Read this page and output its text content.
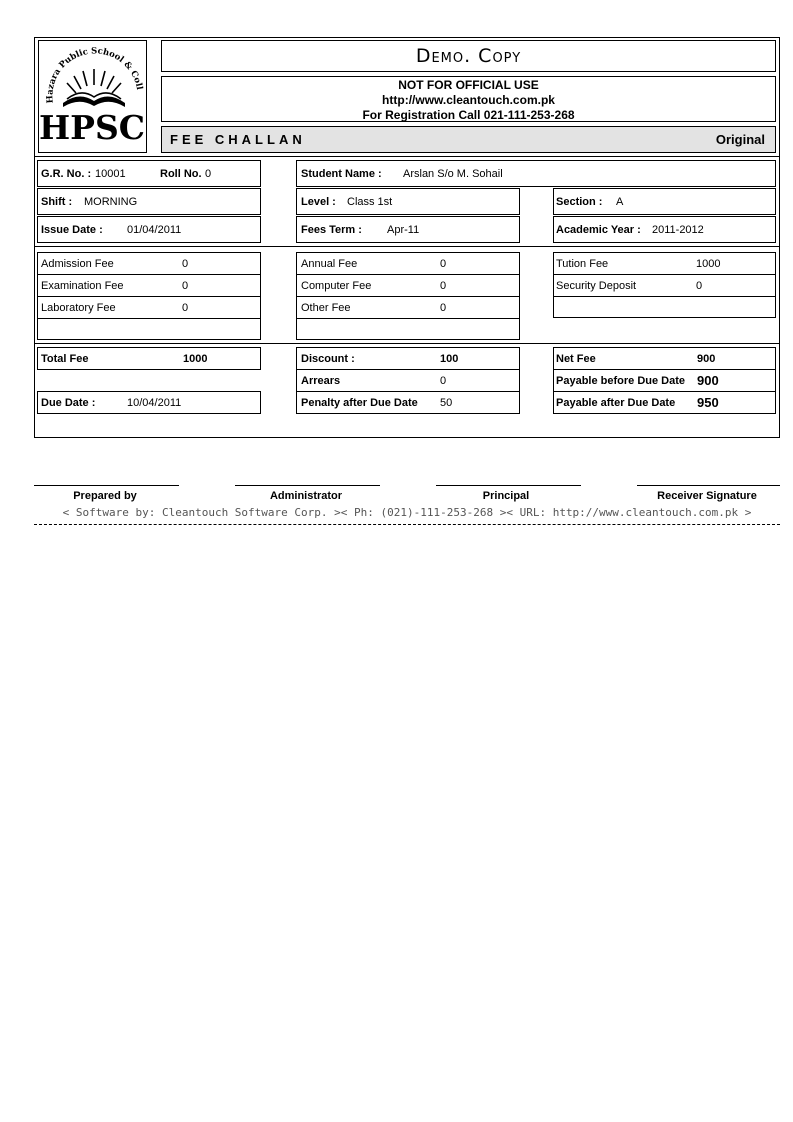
Hazara Public School & Coll
HPSC
Demo. Copy
NOT FOR OFFICIAL USE
http://www.cleantouch.com.pk
For Registration Call 021-111-253-268
FEE CHALLAN	Original
G.R. No. : 10001	Roll No. 0	Student Name : Arslan S/o M. Sohail
Shift : MORNING	Level : Class 1st	Section : A
Issue Date : 01/04/2011	Fees Term : Apr-11	Academic Year : 2011-2012
Admission Fee	0
Examination Fee	0
Laboratory Fee	0
Annual Fee	0
Computer Fee	0
Other Fee	0
Tution Fee	1000
Security Deposit	0
Total Fee	1000
Due Date :	10/04/2011
Discount :	100
Arrears	0
Penalty after Due Date 50
Net Fee	900
Payable before Due Date 900
Payable after Due Date 950
Prepared by	Administrator	Principal	Receiver Signature
< Software by: Cleantouch Software Corp. >< Ph: (021)-111-253-268 >< URL: http://www.cleantouch.com.pk >
